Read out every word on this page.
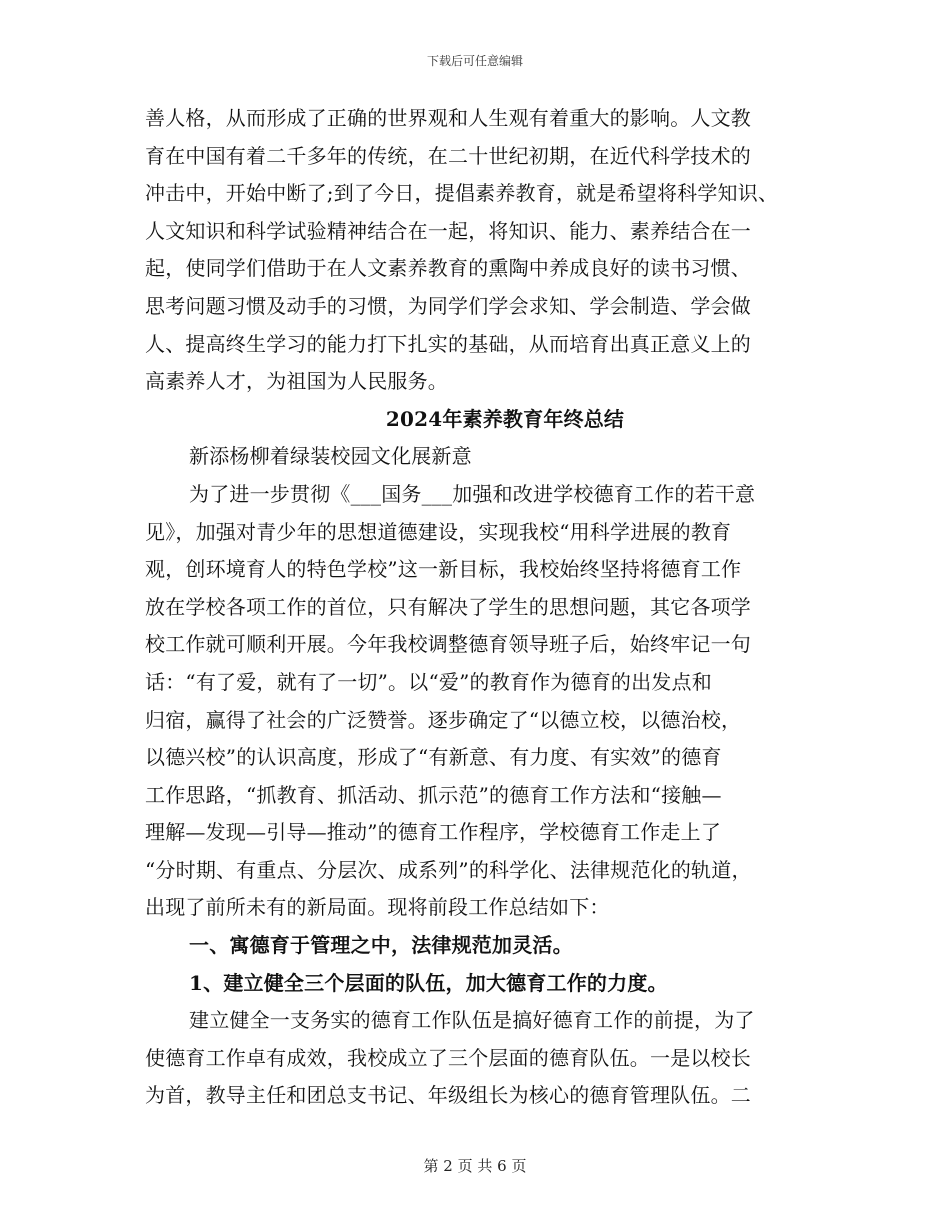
下载后可任意编辑
善人格，从而形成了正确的世界观和人生观有着重大的影响。人文教
育在中国有着二千多年的传统，在二十世纪初期，在近代科学技术的
冲击中，开始中断了;到了今日，提倡素养教育，就是希望将科学知识、
人文知识和科学试验精神结合在一起，将知识、能力、素养结合在一
起，使同学们借助于在人文素养教育的熏陶中养成良好的读书习惯、
思考问题习惯及动手的习惯，为同学们学会求知、学会制造、学会做
人、提高终生学习的能力打下扎实的基础，从而培育出真正意义上的
高素养人才，为祖国为人民服务。
2024年素养教育年终总结
新添杨柳着绿装校园文化展新意
为了进一步贯彻《___国务___加强和改进学校德育工作的若干意
见》，加强对青少年的思想道德建设，实现我校“用科学进展的教育
观，创环境育人的特色学校”这一新目标，我校始终坚持将德育工作
放在学校各项工作的首位，只有解决了学生的思想问题，其它各项学
校工作就可顺利开展。今年我校调整德育领导班子后，始终牢记一句
话：“有了爱，就有了一切”。以“爱”的教育作为德育的出发点和
归宿，赢得了社会的广泛赞誉。逐步确定了“以德立校，以德治校，
以德兴校”的认识高度，形成了“有新意、有力度、有实效”的德育
工作思路，“抓教育、抓活动、抓示范”的德育工作方法和“接触—
理解—发现—引导—推动”的德育工作程序，学校德育工作走上了
“分时期、有重点、分层次、成系列”的科学化、法律规范化的轨道，
出现了前所未有的新局面。现将前段工作总结如下：
一、寓德育于管理之中，法律规范加灵活。
1、建立健全三个层面的队伍，加大德育工作的力度。
建立健全一支务实的德育工作队伍是搞好德育工作的前提，为了
使德育工作卓有成效，我校成立了三个层面的德育队伍。一是以校长
为首，教导主任和团总支书记、年级组长为核心的德育管理队伍。二
第 2 页 共 6 页
